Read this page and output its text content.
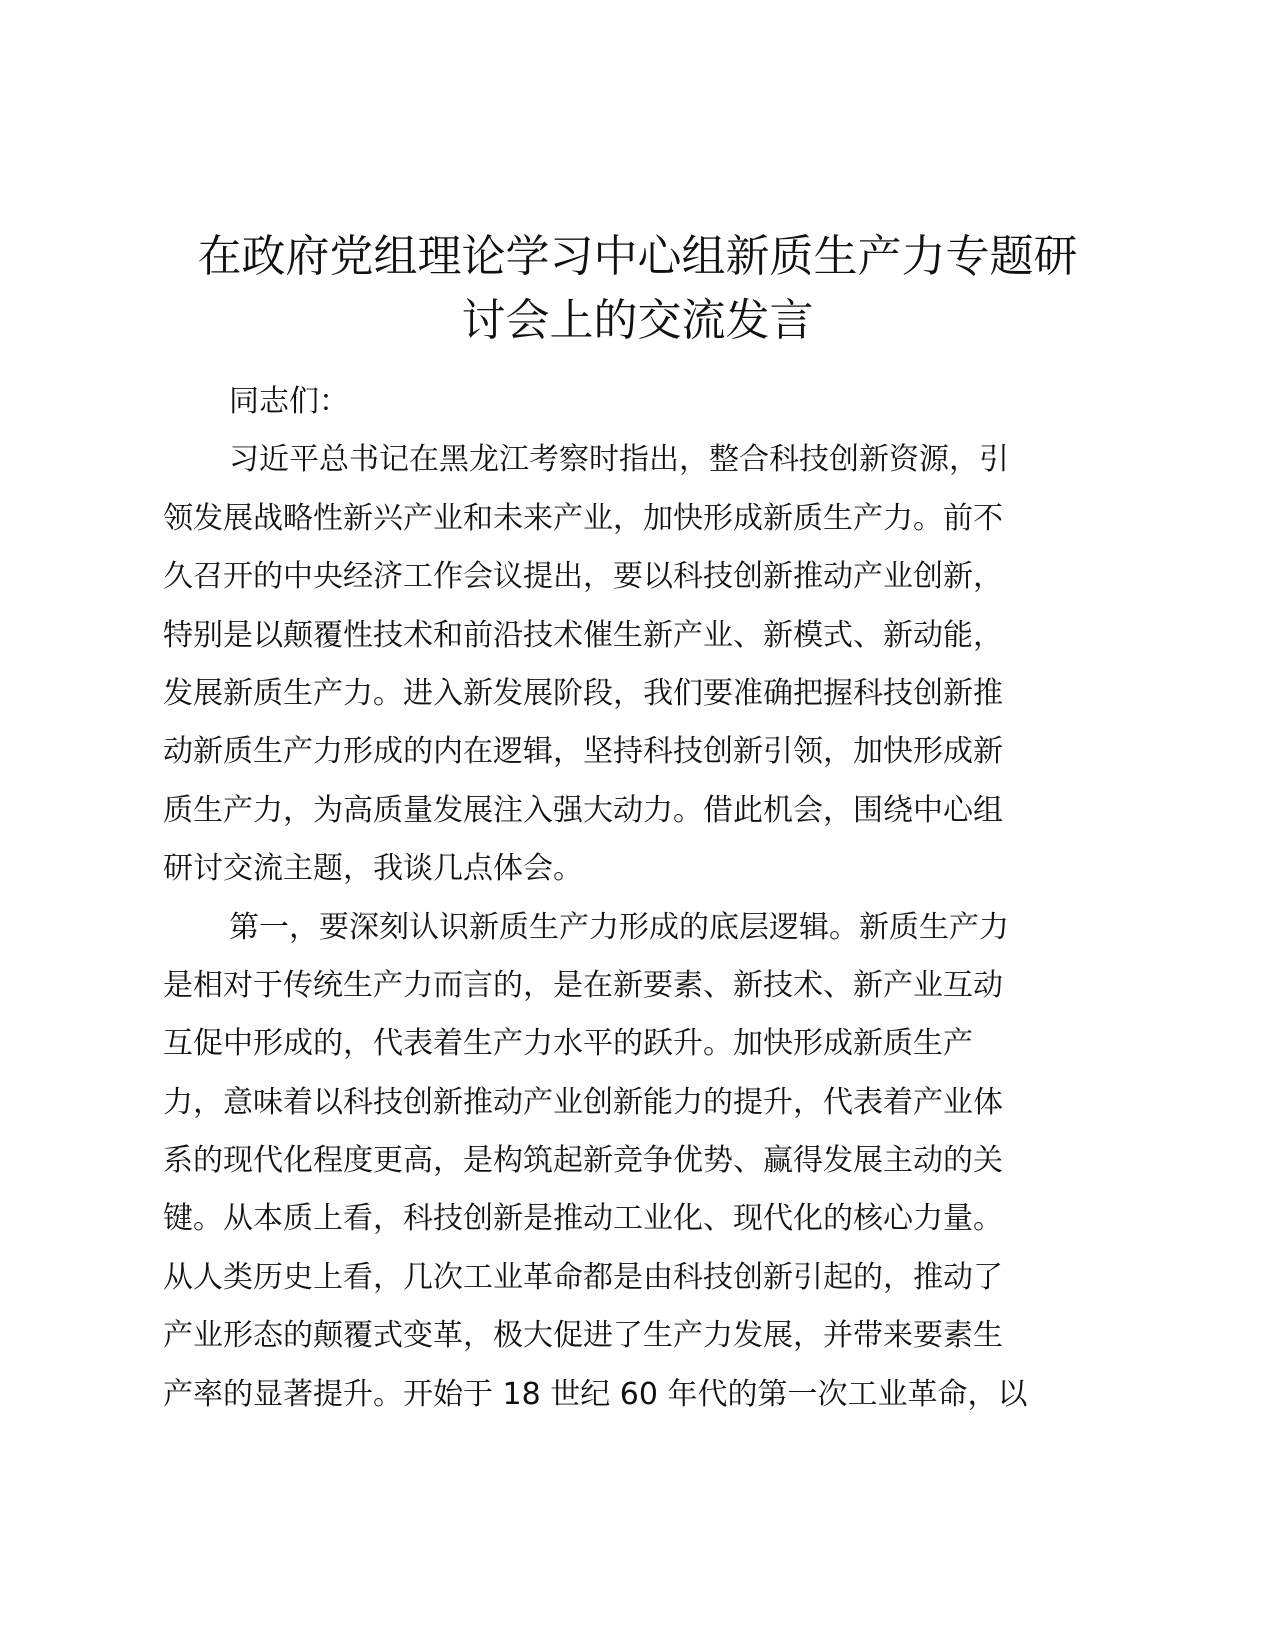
在政府党组理论学习中心组新质生产力专题研
讨会上的交流发言
同志们：
习近平总书记在黑龙江考察时指出，整合科技创新资源，引
领发展战略性新兴产业和未来产业，加快形成新质生产力。前不
久召开的中央经济工作会议提出，要以科技创新推动产业创新，
特别是以颠覆性技术和前沿技术催生新产业、新模式、新动能，
发展新质生产力。进入新发展阶段，我们要准确把握科技创新推
动新质生产力形成的内在逻辑，坚持科技创新引领，加快形成新
质生产力，为高质量发展注入强大动力。借此机会，围绕中心组
研讨交流主题，我谈几点体会。
第一，要深刻认识新质生产力形成的底层逻辑。新质生产力
是相对于传统生产力而言的，是在新要素、新技术、新产业互动
互促中形成的，代表着生产力水平的跃升。加快形成新质生产
力，意味着以科技创新推动产业创新能力的提升，代表着产业体
系的现代化程度更高，是构筑起新竞争优势、赢得发展主动的关
键。从本质上看，科技创新是推动工业化、现代化的核心力量。
从人类历史上看，几次工业革命都是由科技创新引起的，推动了
产业形态的颠覆式变革，极大促进了生产力发展，并带来要素生
产率的显著提升。开始于 18 世纪 60 年代的第一次工业革命，以
